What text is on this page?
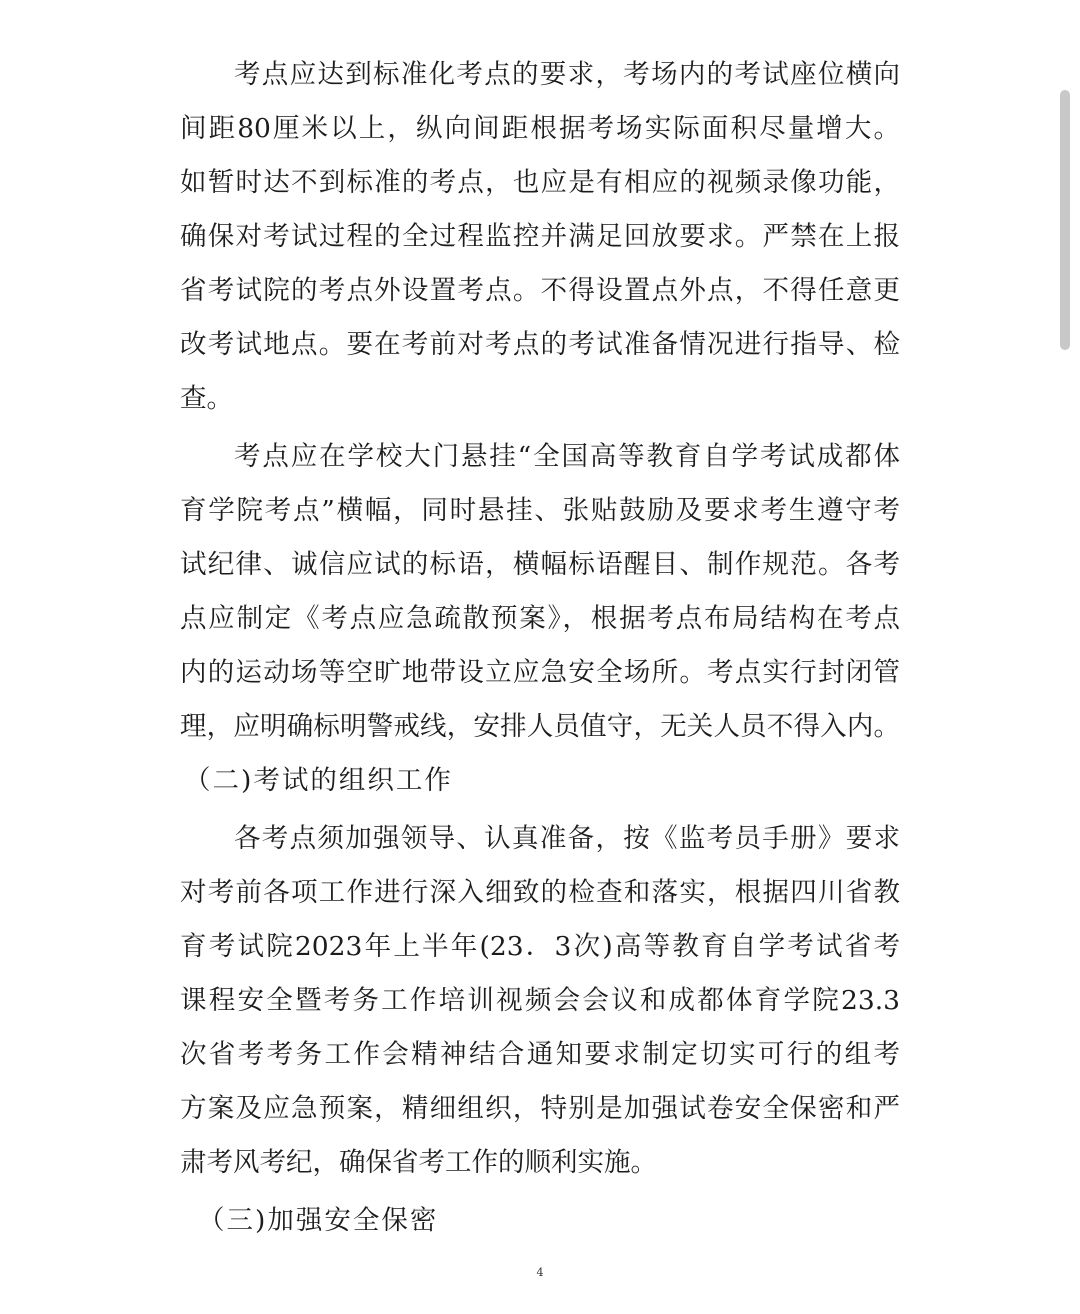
考点应达到标准化考点的要求，考场内的考试座位横向
间距80厘米以上，纵向间距根据考场实际面积尽量增大。
如暂时达不到标准的考点，也应是有相应的视频录像功能，
确保对考试过程的全过程监控并满足回放要求。严禁在上报
省考试院的考点外设置考点。不得设置点外点，不得任意更
改考试地点。要在考前对考点的考试准备情况进行指导、检
查。
考点应在学校大门悬挂“全国高等教育自学考试成都体
育学院考点”横幅，同时悬挂、张贴鼓励及要求考生遵守考
试纪律、诚信应试的标语，横幅标语醒目、制作规范。各考
点应制定《考点应急疏散预案》，根据考点布局结构在考点
内的运动场等空旷地带设立应急安全场所。考点实行封闭管
理，应明确标明警戒线，安排人员值守，无关人员不得入内。
（二)考试的组织工作
各考点须加强领导、认真准备，按《监考员手册》要求
对考前各项工作进行深入细致的检查和落实，根据四川省教
育考试院2023年上半年(23．3次)高等教育自学考试省考
课程安全暨考务工作培训视频会会议和成都体育学院23.3
次省考考务工作会精神结合通知要求制定切实可行的组考
方案及应急预案，精细组织，特别是加强试卷安全保密和严
肃考风考纪，确保省考工作的顺利实施。
（三)加强安全保密
4
